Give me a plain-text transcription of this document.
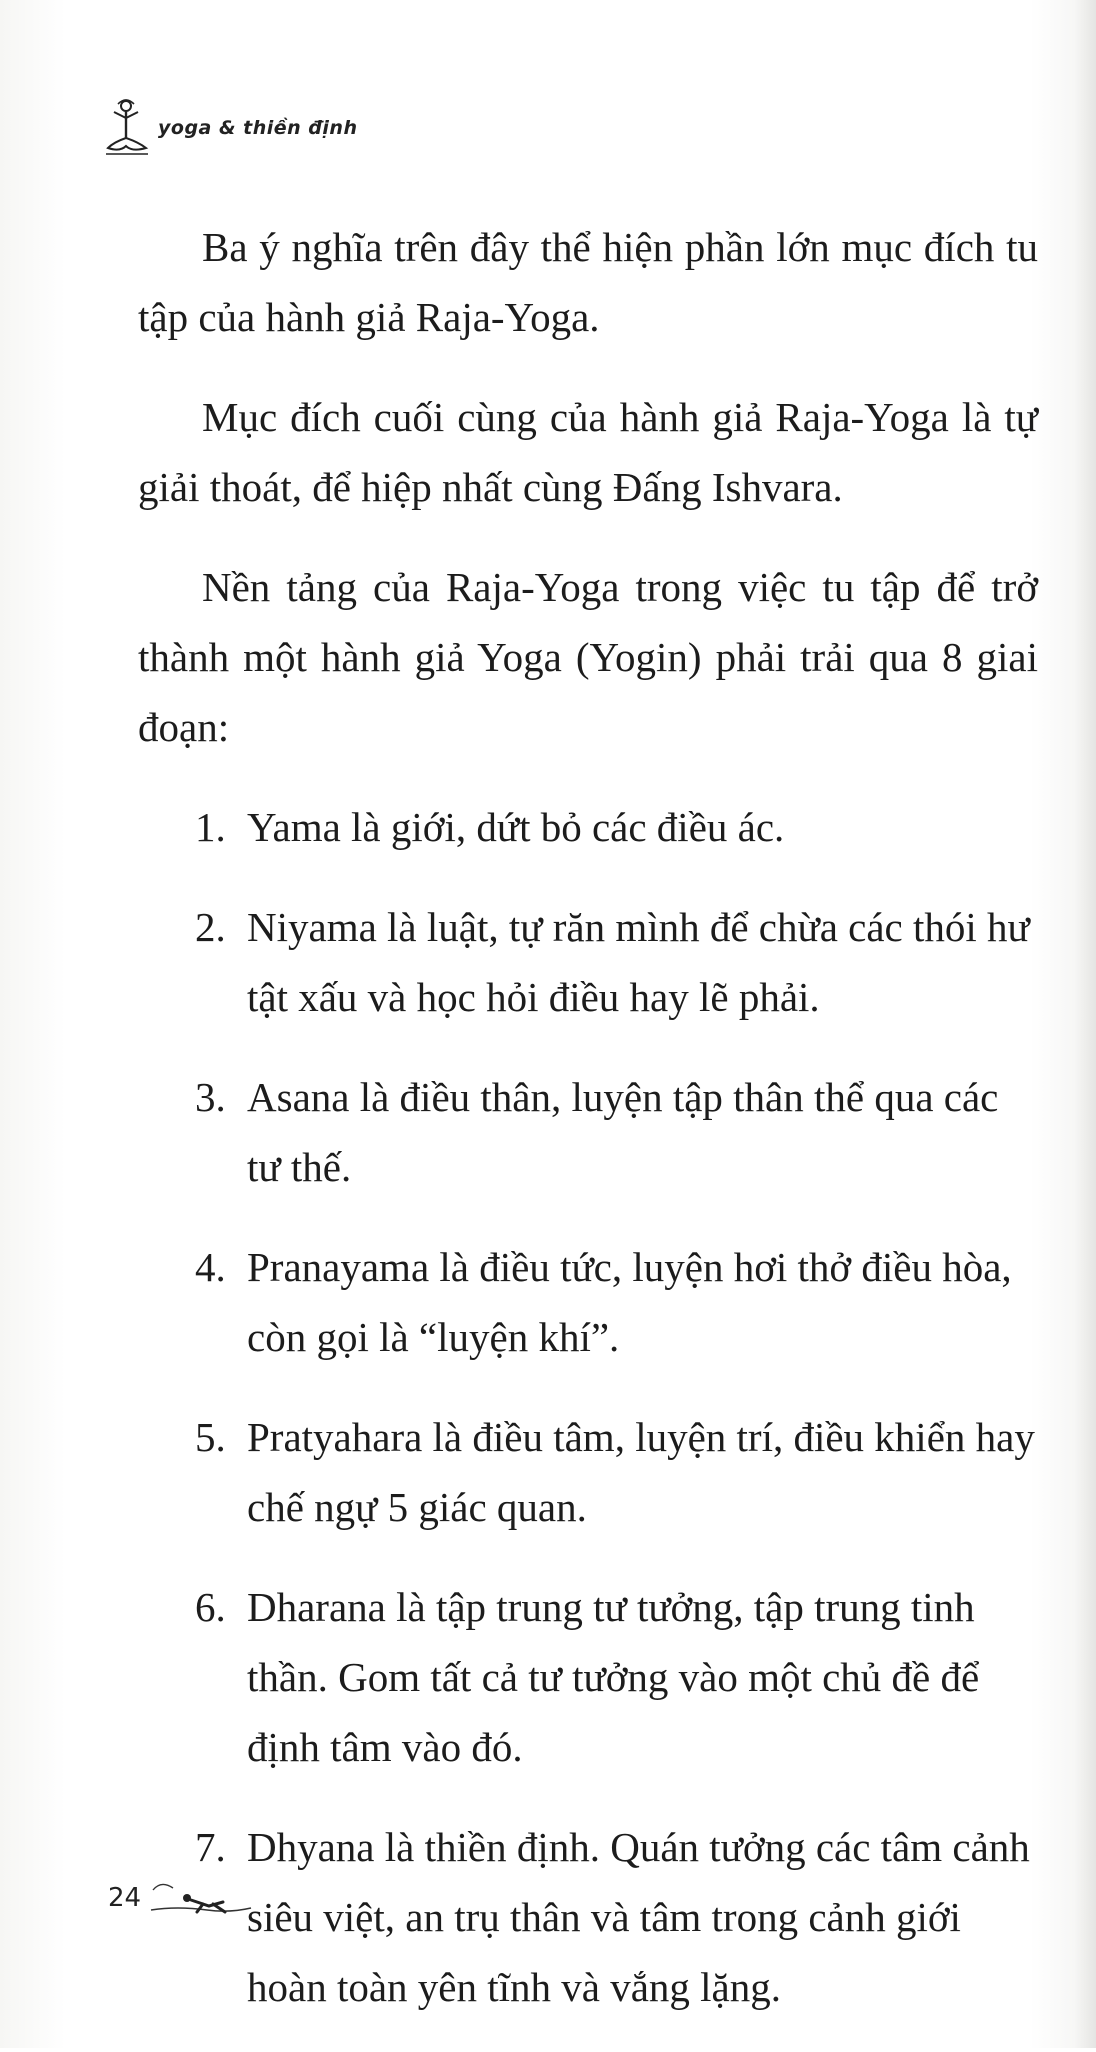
yoga & thiền định

Ba ý nghĩa trên đây thể hiện phần lớn mục đích tu tập của hành giả Raja-Yoga.

Mục đích cuối cùng của hành giả Raja-Yoga là tự giải thoát, để hiệp nhất cùng Đấng Ishvara.

Nền tảng của Raja-Yoga trong việc tu tập để trở thành một hành giả Yoga (Yogin) phải trải qua 8 giai đoạn:

1. Yama là giới, dứt bỏ các điều ác.
2. Niyama là luật, tự răn mình để chừa các thói hư tật xấu và học hỏi điều hay lẽ phải.
3. Asana là điều thân, luyện tập thân thể qua các tư thế.
4. Pranayama là điều tức, luyện hơi thở điều hòa, còn gọi là “luyện khí”.
5. Pratyahara là điều tâm, luyện trí, điều khiển hay chế ngự 5 giác quan.
6. Dharana là tập trung tư tưởng, tập trung tinh thần. Gom tất cả tư tưởng vào một chủ đề để định tâm vào đó.
7. Dhyana là thiền định. Quán tưởng các tâm cảnh siêu việt, an trụ thân và tâm trong cảnh giới hoàn toàn yên tĩnh và vắng lặng.
24
